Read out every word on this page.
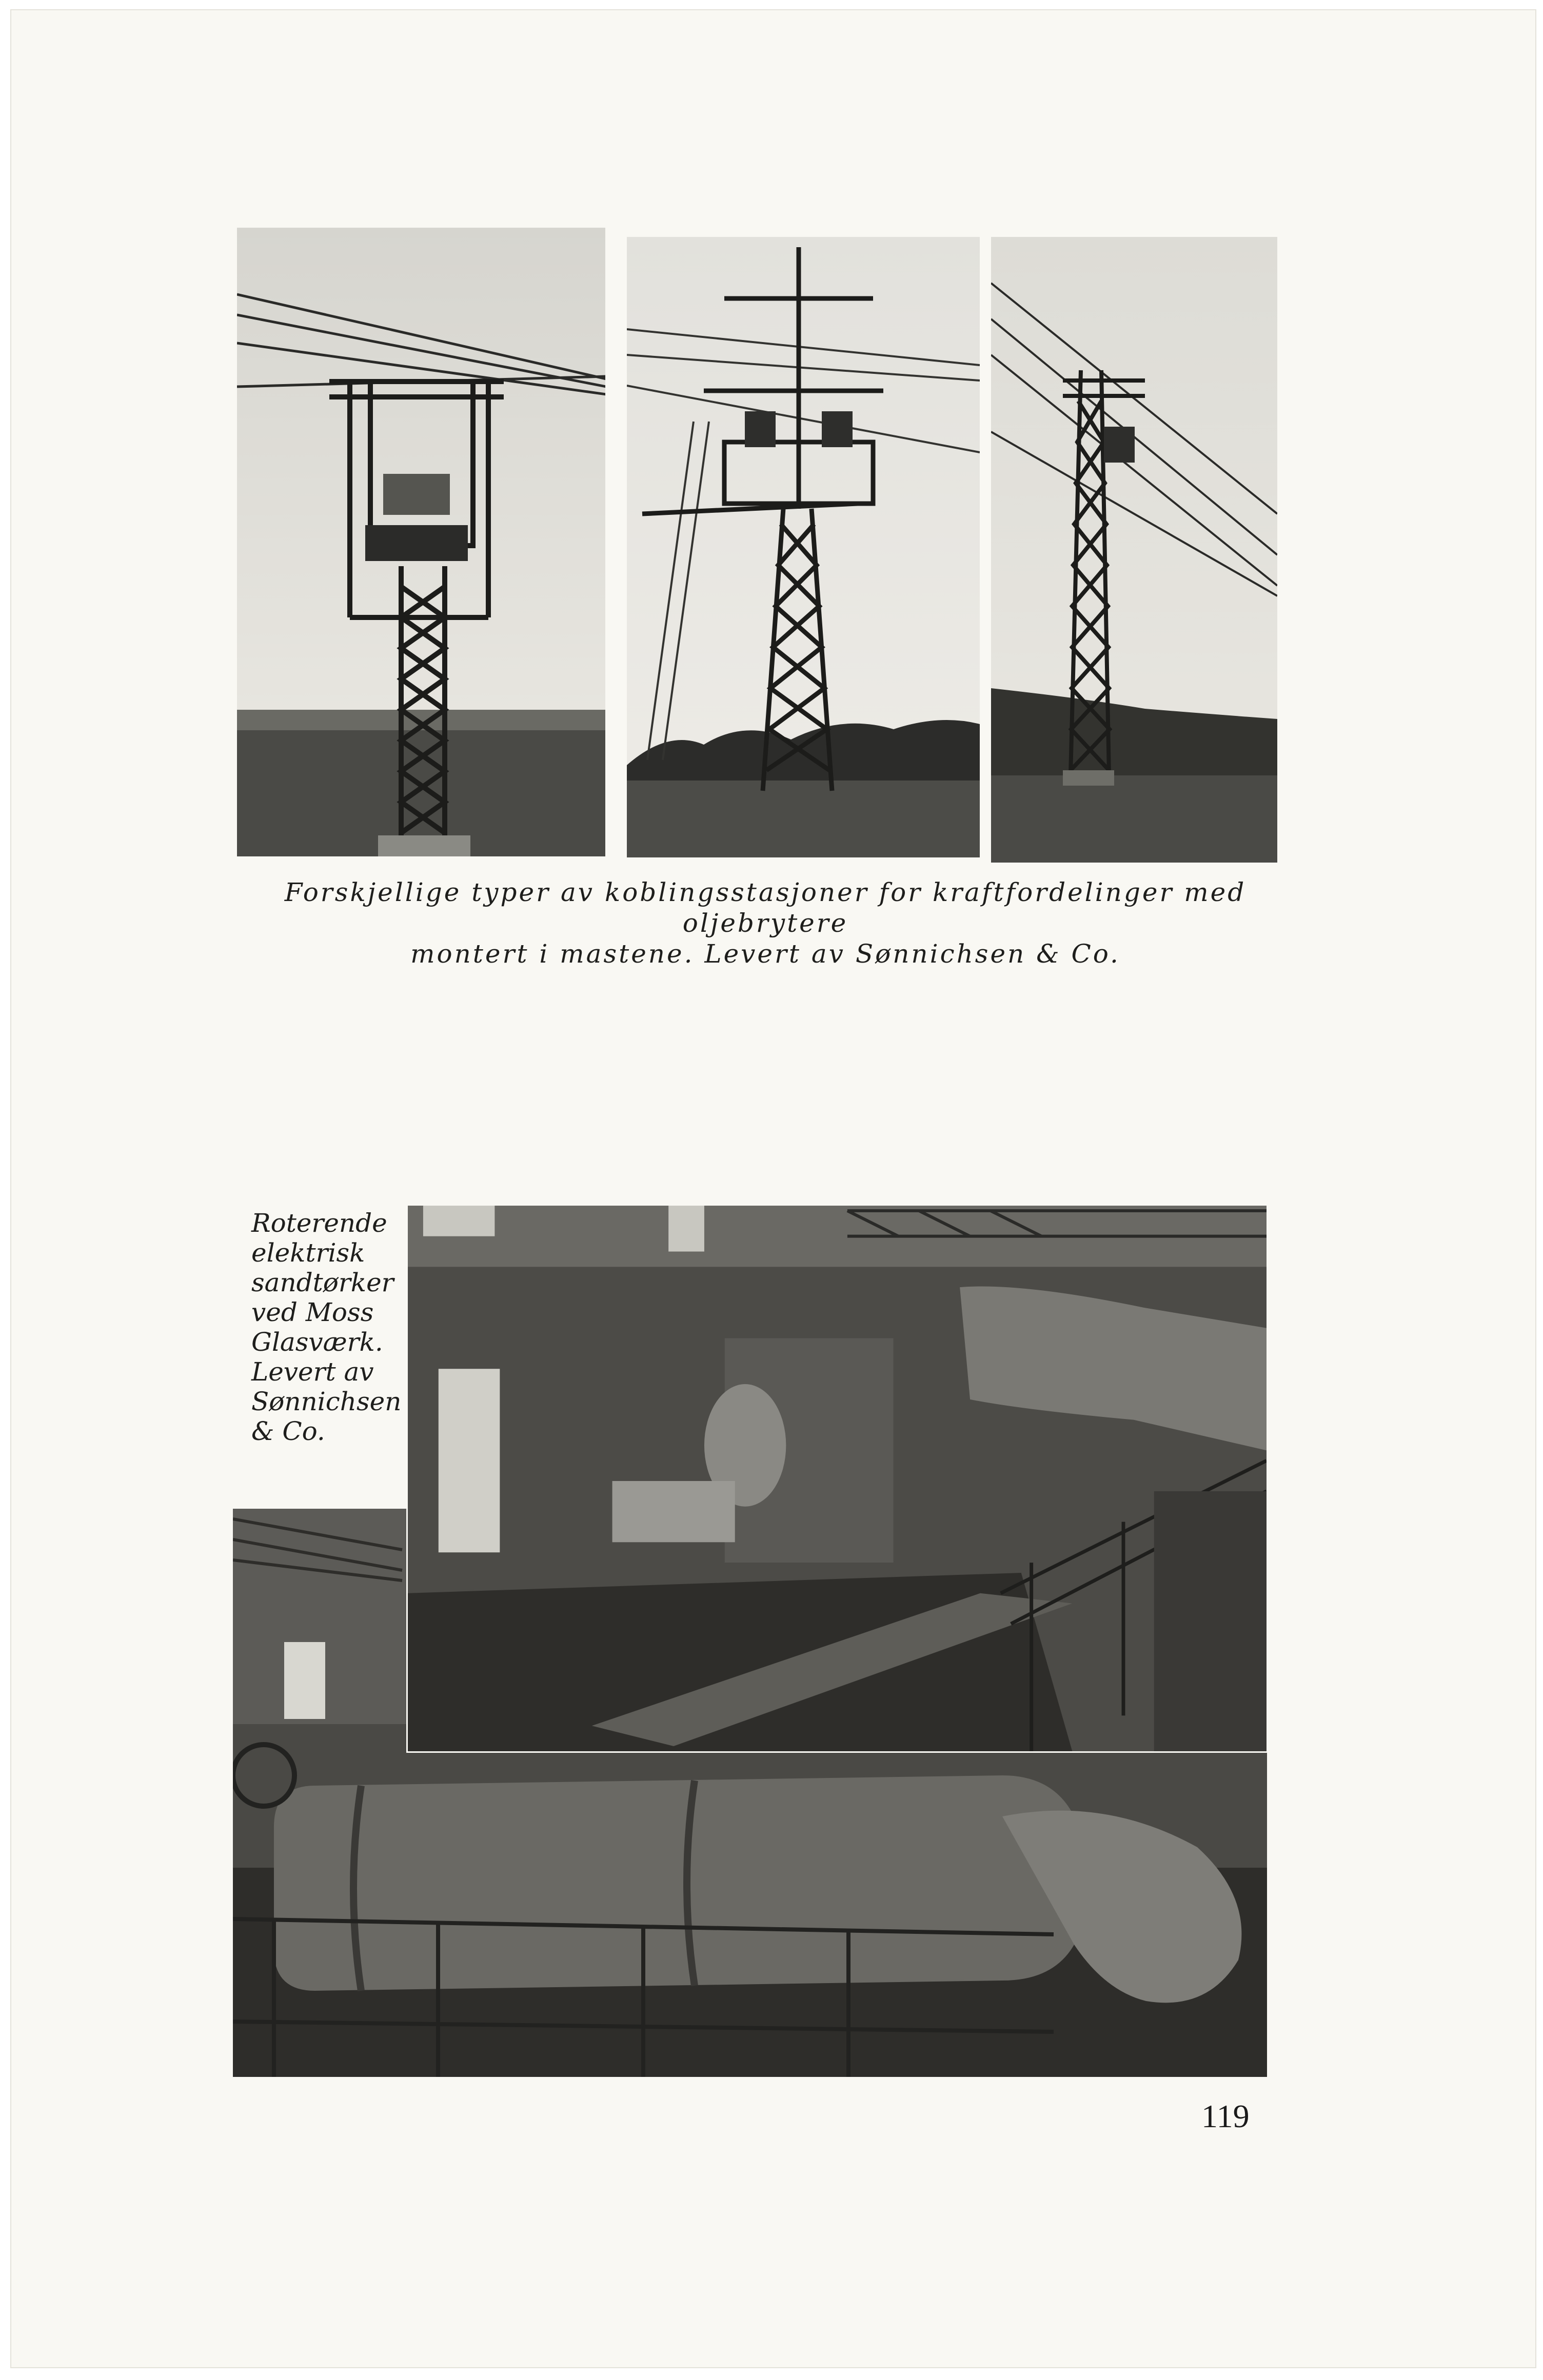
Forskjellige typer av koblingsstasjoner for kraftfordelinger med oljebrytere
montert i mastene. Levert av Sønnichsen & Co.
Roterende
elektrisk
sandtørker
ved Moss
Glasværk.
Levert av
Sønnichsen
& Co.
119
